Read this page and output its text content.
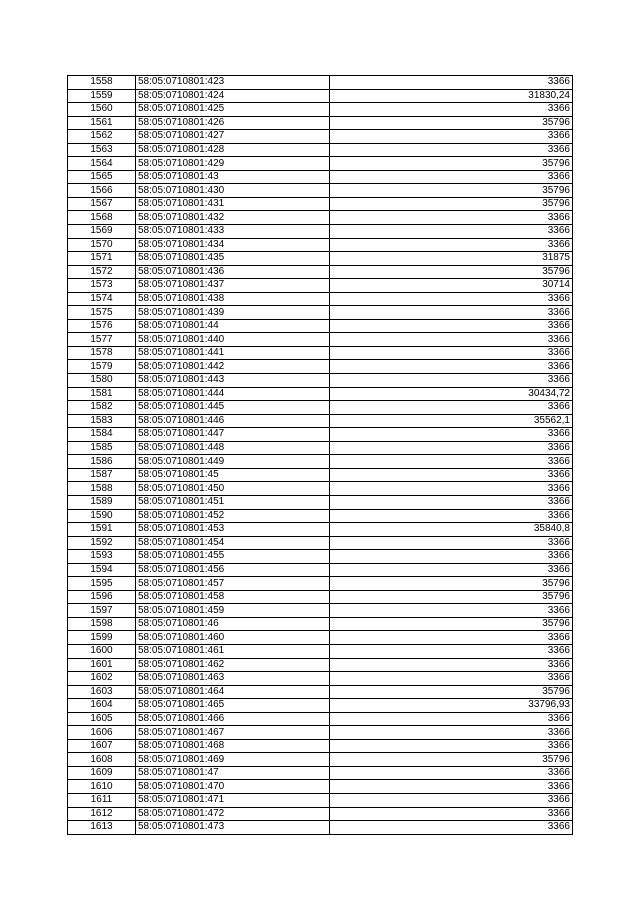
1558	58:05:0710801:423	3366
1559	58:05:0710801:424	31830,24
1560	58:05:0710801:425	3366
1561	58:05:0710801:426	35796
1562	58:05:0710801:427	3366
1563	58:05:0710801:428	3366
1564	58:05:0710801:429	35796
1565	58:05:0710801:43	3366
1566	58:05:0710801:430	35796
1567	58:05:0710801:431	35796
1568	58:05:0710801:432	3366
1569	58:05:0710801:433	3366
1570	58:05:0710801:434	3366
1571	58:05:0710801:435	31875
1572	58:05:0710801:436	35796
1573	58:05:0710801:437	30714
1574	58:05:0710801:438	3366
1575	58:05:0710801:439	3366
1576	58:05:0710801:44	3366
1577	58:05:0710801:440	3366
1578	58:05:0710801:441	3366
1579	58:05:0710801:442	3366
1580	58:05:0710801:443	3366
1581	58:05:0710801:444	30434,72
1582	58:05:0710801:445	3366
1583	58:05:0710801:446	35562,1
1584	58:05:0710801:447	3366
1585	58:05:0710801:448	3366
1586	58:05:0710801:449	3366
1587	58:05:0710801:45	3366
1588	58:05:0710801:450	3366
1589	58:05:0710801:451	3366
1590	58:05:0710801:452	3366
1591	58:05:0710801:453	35840,8
1592	58:05:0710801:454	3366
1593	58:05:0710801:455	3366
1594	58:05:0710801:456	3366
1595	58:05:0710801:457	35796
1596	58:05:0710801:458	35796
1597	58:05:0710801:459	3366
1598	58:05:0710801:46	35796
1599	58:05:0710801:460	3366
1600	58:05:0710801:461	3366
1601	58:05:0710801:462	3366
1602	58:05:0710801:463	3366
1603	58:05:0710801:464	35796
1604	58:05:0710801:465	33796,93
1605	58:05:0710801:466	3366
1606	58:05:0710801:467	3366
1607	58:05:0710801:468	3366
1608	58:05:0710801:469	35796
1609	58:05:0710801:47	3366
1610	58:05:0710801:470	3366
1611	58:05:0710801:471	3366
1612	58:05:0710801:472	3366
1613	58:05:0710801:473	3366
